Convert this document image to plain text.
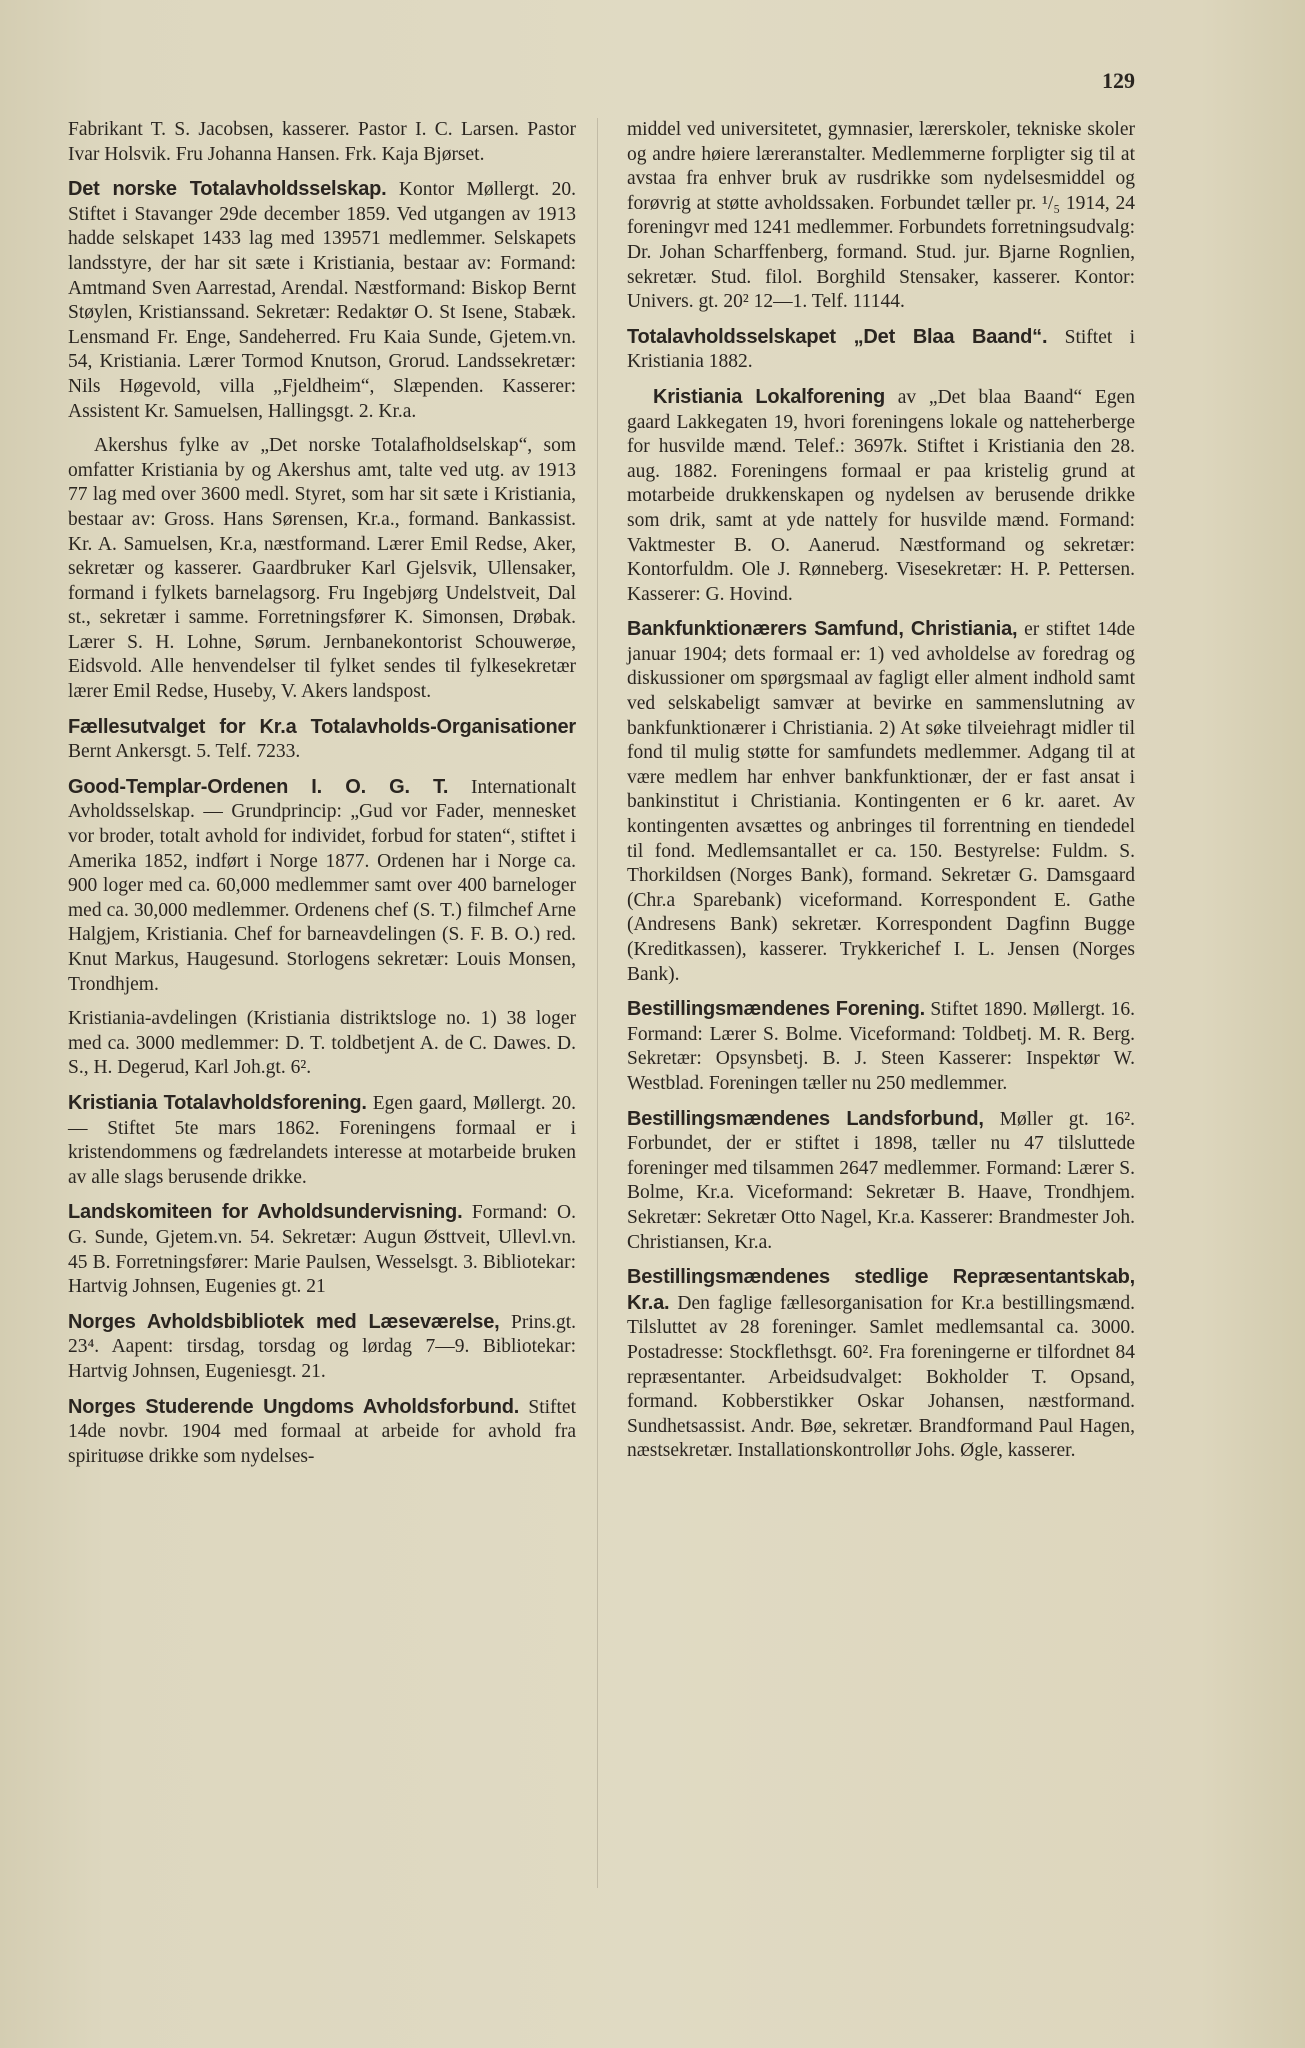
129

Fabrikant T. S. Jacobsen, kasserer. Pastor I. C. Larsen. Pastor Ivar Holsvik. Fru Johanna Hansen. Frk. Kaja Bjørset.

Det norske Totalavholdsselskap. Kontor Møllergt. 20. Stiftet i Stavanger 29de december 1859. Ved utgangen av 1913 hadde selskapet 1433 lag med 139571 medlemmer. Selskapets landsstyre, der har sit sæte i Kristiania, bestaar av: Formand: Amtmand Sven Aarrestad, Arendal. Næstformand: Biskop Bernt Støylen, Kristianssand. Sekretær: Redaktør O. St Isene, Stabæk. Lensmand Fr. Enge, Sandeherred. Fru Kaia Sunde, Gjetem.vn. 54, Kristiania. Lærer Tormod Knutson, Grorud. Landssekretær: Nils Høgevold, villa „Fjeldheim“, Slæpenden. Kasserer: Assistent Kr. Samuelsen, Hallingsgt. 2. Kr.a.

Akershus fylke av „Det norske Totalafholdselskap“, som omfatter Kristiania by og Akershus amt, talte ved utg. av 1913 77 lag med over 3600 medl. Styret, som har sit sæte i Kristiania, bestaar av: Gross. Hans Sørensen, Kr.a., formand. Bankassist. Kr. A. Samuelsen, Kr.a, næstformand. Lærer Emil Redse, Aker, sekretær og kasserer. Gaardbruker Karl Gjelsvik, Ullensaker, formand i fylkets barnelagsorg. Fru Ingebjørg Undelstveit, Dal st., sekretær i samme. Forretningsfører K. Simonsen, Drøbak. Lærer S. H. Lohne, Sørum. Jernbanekontorist Schouwerøe, Eidsvold. Alle henvendelser til fylket sendes til fylkesekretær lærer Emil Redse, Huseby, V. Akers landspost.

Fællesutvalget for Kr.a Totalavholds-Organisationer Bernt Ankersgt. 5. Telf. 7233.

Good-Templar-Ordenen I. O. G. T. Internationalt Avholdsselskap. — Grundprincip: „Gud vor Fader, mennesket vor broder, totalt avhold for individet, forbud for staten“, stiftet i Amerika 1852, indført i Norge 1877. Ordenen har i Norge ca. 900 loger med ca. 60,000 medlemmer samt over 400 barneloger med ca. 30,000 medlemmer. Ordenens chef (S. T.) filmchef Arne Halgjem, Kristiania. Chef for barneavdelingen (S. F. B. O.) red. Knut Markus, Haugesund. Storlogens sekretær: Louis Monsen, Trondhjem.

Kristiania-avdelingen (Kristiania distriktsloge no. 1) 38 loger med ca. 3000 medlemmer: D. T. toldbetjent A. de C. Dawes. D. S., H. Degerud, Karl Joh.gt. 6².

Kristiania Totalavholdsforening. Egen gaard, Møllergt. 20. — Stiftet 5te mars 1862. Foreningens formaal er i kristendommens og fædrelandets interesse at motarbeide bruken av alle slags berusende drikke.

Landskomiteen for Avholdsundervisning. Formand: O. G. Sunde, Gjetem.vn. 54. Sekretær: Augun Østtveit, Ullevl.vn. 45 B. Forretningsfører: Marie Paulsen, Wesselsgt. 3. Bibliotekar: Hartvig Johnsen, Eugenies gt. 21

Norges Avholdsbibliotek med Læseværelse, Prins.gt. 23⁴. Aapent: tirsdag, torsdag og lørdag 7—9. Bibliotekar: Hartvig Johnsen, Eugeniesgt. 21.

Norges Studerende Ungdoms Avholdsforbund. Stiftet 14de novbr. 1904 med formaal at arbeide for avhold fra spirituøse drikke som nydelses-

middel ved universitetet, gymnasier, lærerskoler, tekniske skoler og andre høiere læreranstalter. Medlemmerne forpligter sig til at avstaa fra enhver bruk av rusdrikke som nydelsesmiddel og forøvrig at støtte avholdssaken. Forbundet tæller pr. ¹/₅ 1914, 24 foreningvr med 1241 medlemmer. Forbundets forretningsudvalg: Dr. Johan Scharffenberg, formand. Stud. jur. Bjarne Rognlien, sekretær. Stud. filol. Borghild Stensaker, kasserer. Kontor: Univers. gt. 20² 12—1. Telf. 11144.

Totalavholdsselskapet „Det Blaa Baand“. Stiftet i Kristiania 1882.

Kristiania Lokalforening av „Det blaa Baand“ Egen gaard Lakkegaten 19, hvori foreningens lokale og natteherberge for husvilde mænd. Telef.: 3697k. Stiftet i Kristiania den 28. aug. 1882. Foreningens formaal er paa kristelig grund at motarbeide drukkenskapen og nydelsen av berusende drikke som drik, samt at yde nattely for husvilde mænd. Formand: Vaktmester B. O. Aanerud. Næstformand og sekretær: Kontorfuldm. Ole J. Rønneberg. Visesekretær: H. P. Pettersen. Kasserer: G. Hovind.

Bankfunktionærers Samfund, Christiania, er stiftet 14de januar 1904; dets formaal er: 1) ved avholdelse av foredrag og diskussioner om spørgsmaal av fagligt eller alment indhold samt ved selskabeligt samvær at bevirke en sammenslutning av bankfunktionærer i Christiania. 2) At søke tilveiehragt midler til fond til mulig støtte for samfundets medlemmer. Adgang til at være medlem har enhver bankfunktionær, der er fast ansat i bankinstitut i Christiania. Kontingenten er 6 kr. aaret. Av kontingenten avsættes og anbringes til forrentning en tiendedel til fond. Medlemsantallet er ca. 150. Bestyrelse: Fuldm. S. Thorkildsen (Norges Bank), formand. Sekretær G. Damsgaard (Chr.a Sparebank) viceformand. Korrespondent E. Gathe (Andresens Bank) sekretær. Korrespondent Dagfinn Bugge (Kreditkassen), kasserer. Trykkerichef I. L. Jensen (Norges Bank).

Bestillingsmændenes Forening. Stiftet 1890. Møllergt. 16. Formand: Lærer S. Bolme. Viceformand: Toldbetj. M. R. Berg. Sekretær: Opsynsbetj. B. J. Steen Kasserer: Inspektør W. Westblad. Foreningen tæller nu 250 medlemmer.

Bestillingsmændenes Landsforbund, Møller gt. 16². Forbundet, der er stiftet i 1898, tæller nu 47 tilsluttede foreninger med tilsammen 2647 medlemmer. Formand: Lærer S. Bolme, Kr.a. Viceformand: Sekretær B. Haave, Trondhjem. Sekretær: Sekretær Otto Nagel, Kr.a. Kasserer: Brandmester Joh. Christiansen, Kr.a.

Bestillingsmændenes stedlige Repræsentantskab, Kr.a. Den faglige fællesorganisation for Kr.a bestillingsmænd. Tilsluttet av 28 foreninger. Samlet medlemsantal ca. 3000. Postadresse: Stockflethsgt. 60². Fra foreningerne er tilfordnet 84 repræsentanter. Arbeidsudvalget: Bokholder T. Opsand, formand. Kobberstikker Oskar Johansen, næstformand. Sundhetsassist. Andr. Bøe, sekretær. Brandformand Paul Hagen, næstsekretær. Installationskontrollør Johs. Øgle, kasserer.
